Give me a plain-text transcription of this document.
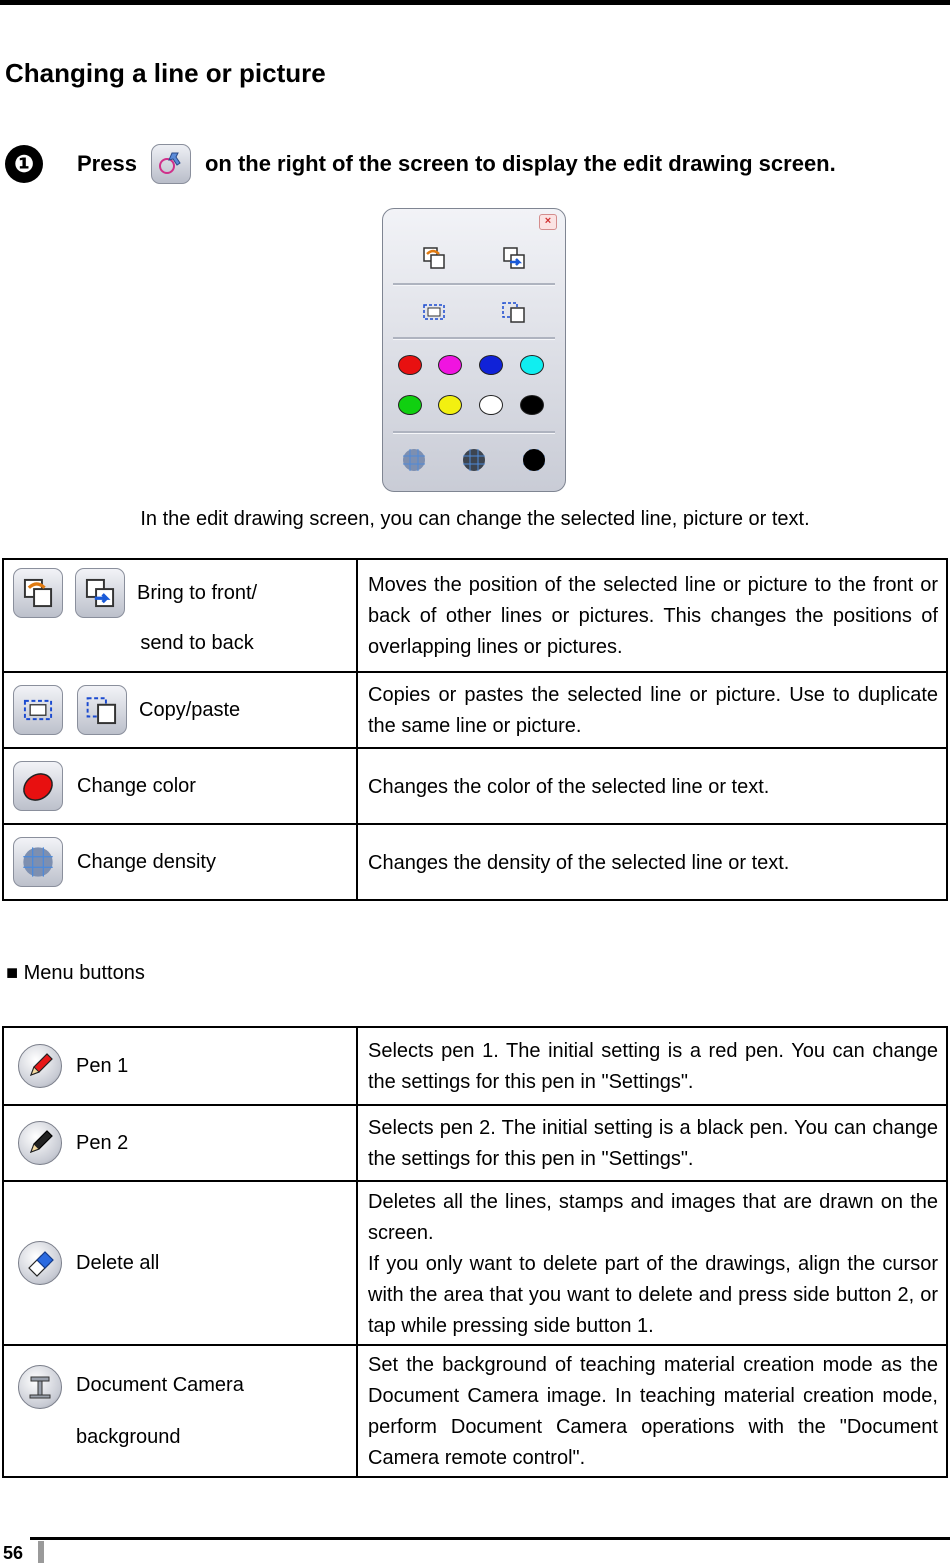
Changing a line or picture
❶	Press	on the right of the screen to display the edit drawing screen.
×
In the edit drawing screen, you can change the selected line, picture or text.
Bring to front/
send to back	Moves the position of the selected line or picture to the front or back of other lines or pictures. This changes the positions of overlapping lines or pictures.

Copy/paste	Copies or pastes the selected line or picture. Use to duplicate the same line or picture.

Change color	Changes the color of the selected line or text.

Change density	Changes the density of the selected line or text.
■ Menu buttons
Pen 1	Selects pen 1. The initial setting is a red pen. You can change the settings for this pen in "Settings".

Pen 2	Selects pen 2. The initial setting is a black pen. You can change the settings for this pen in "Settings".

Delete all	Deletes all the lines, stamps and images that are drawn on the screen.
If you only want to delete part of the drawings, align the cursor with the area that you want to delete and press side button 2, or tap while pressing side button 1.

Document Camera
background	Set the background of teaching material creation mode as the Document Camera image. In teaching material creation mode, perform Document Camera operations with the "Document Camera remote control".
56
